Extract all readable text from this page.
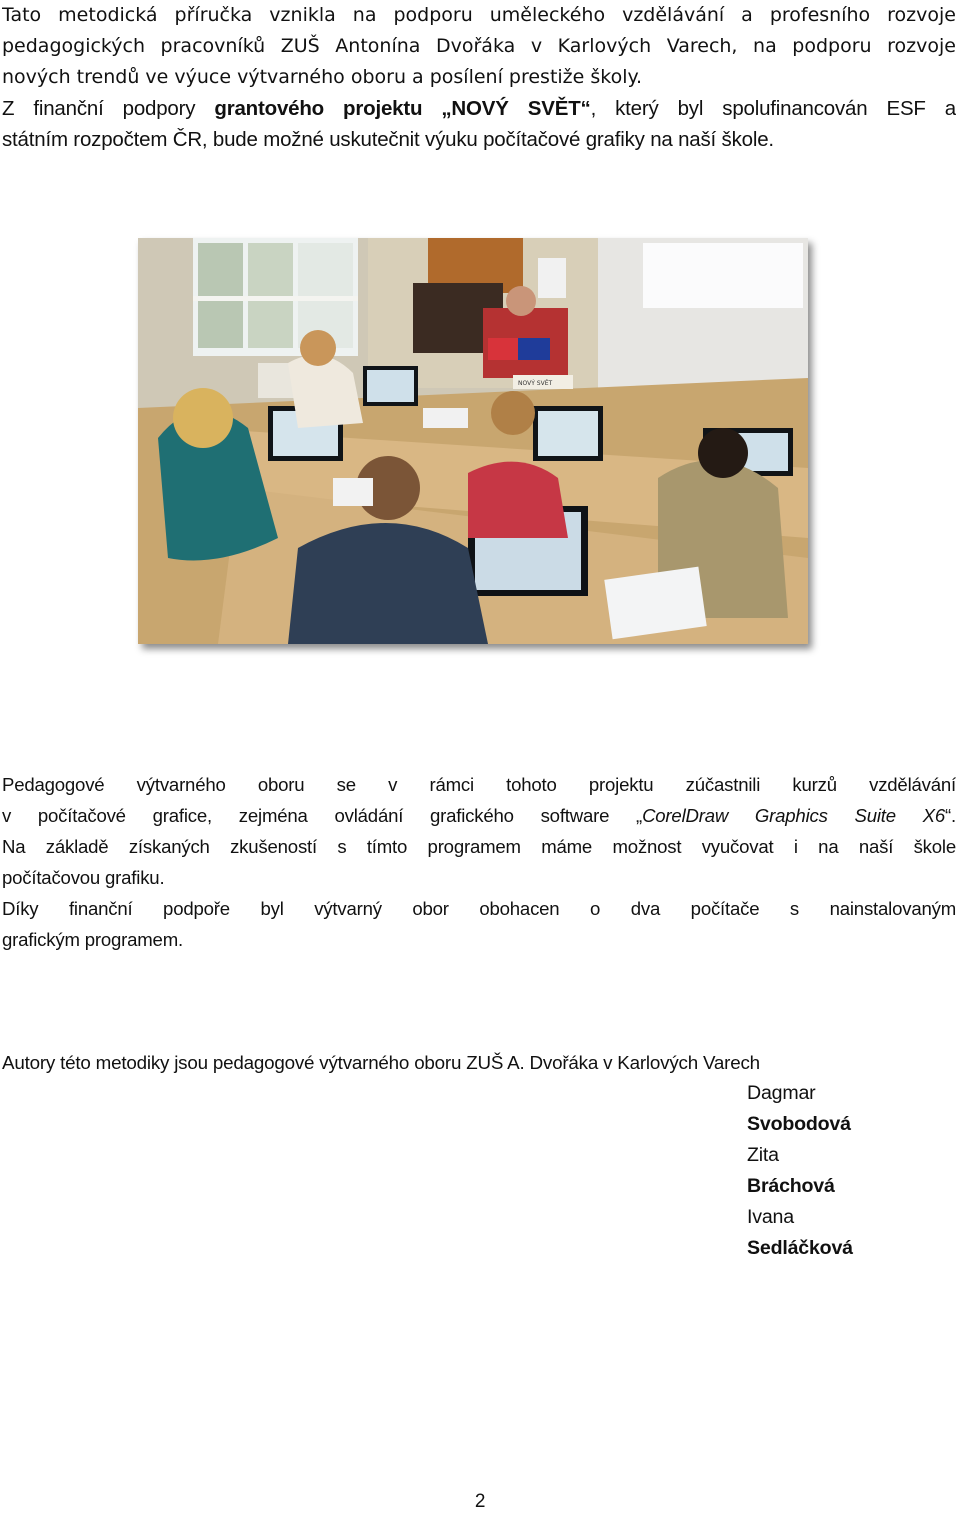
Tato metodická příručka vznikla na podporu uměleckého vzdělávání a profesního rozvoje
pedagogických pracovníků ZUŠ Antonína Dvořáka v Karlových Varech, na podporu rozvoje
nových trendů ve výuce výtvarného oboru a posílení prestiže školy.
Z finanční podpory grantového projektu „NOVÝ SVĚT“, který byl spolufinancován ESF a
státním rozpočtem ČR, bude možné uskutečnit výuku počítačové grafiky na naší škole.

NOVÝ SVĚT

Pedagogové výtvarného oboru se v rámci tohoto projektu zúčastnili kurzů vzdělávání
v počítačové grafice, zejména ovládání grafického software „CorelDraw Graphics Suite X6“.
Na základě získaných zkušeností s tímto programem máme možnost vyučovat i na naší škole
počítačovou grafiku.
Díky finanční podpoře byl výtvarný obor obohacen o dva počítače s nainstalovaným
grafickým programem.

Autory této metodiky jsou pedagogové výtvarného oboru ZUŠ A. Dvořáka v Karlových Varech

Dagmar
Svobodová
Zita
Bráchová
Ivana
Sedláčková
2
